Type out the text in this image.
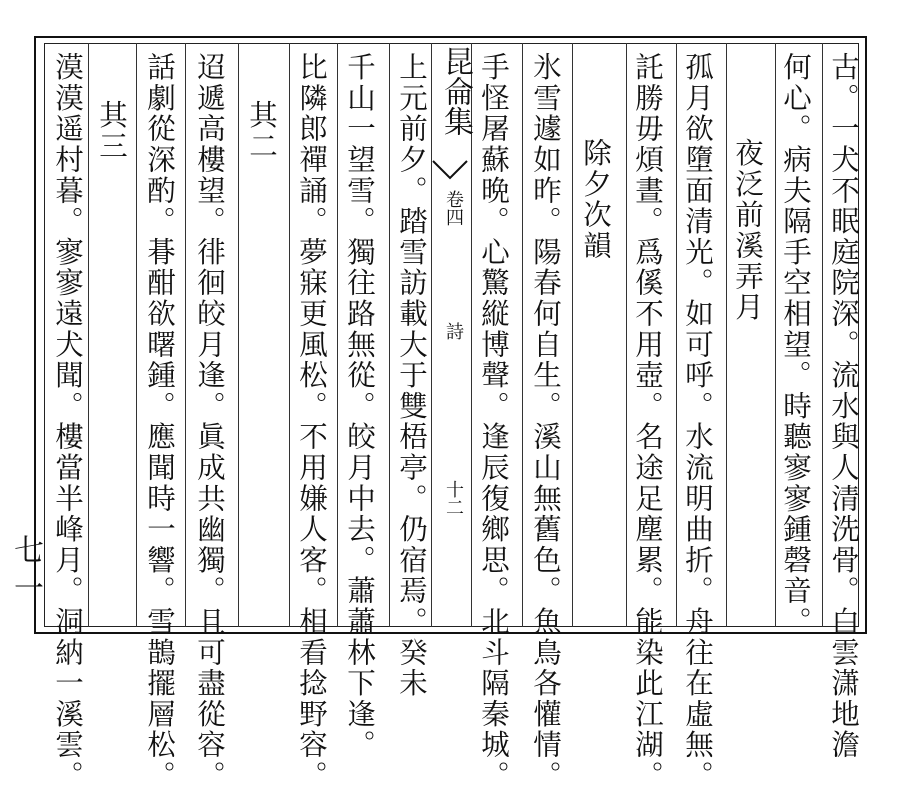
古。一犬不眠庭院深。流水與人清洗骨。白雲潇地澹
何心。病夫隔手空相望。時聽寥寥鍾磬音。
夜泛前溪弄月
孤月欲墮面清光。如可呼。水流明曲折。舟往在虛無。
託勝毋煩晝。爲傒不用壺。名途足塵累。能染此江湖。
除夕次韻
氷雪遽如昨。陽春何自生。溪山無舊色。魚鳥各懽情。
手怪屠蘇晩。心驚縦博聲。逢辰復鄉思。北斗隔秦城。
昆侖集
卷四
詩
十二
上元前夕。踏雪訪載大于雙梧亭。仍宿焉。癸未
千山一望雪。獨往路無從。皎月中去。蕭蕭林下逢。
比隣郎禪誦。夢寐更風松。不用嫌人客。相看捻野容。
其二
迢遞高樓望。徘徊皎月逢。眞成共幽獨。且可盡從容。
話劇從深酌。朞酣欲曙鍾。應聞時一響。雪鵲擺層松。
其三
漠漠遥村暮。寥寥遠犬聞。樓當半峰月。洞納一溪雲。
七一
